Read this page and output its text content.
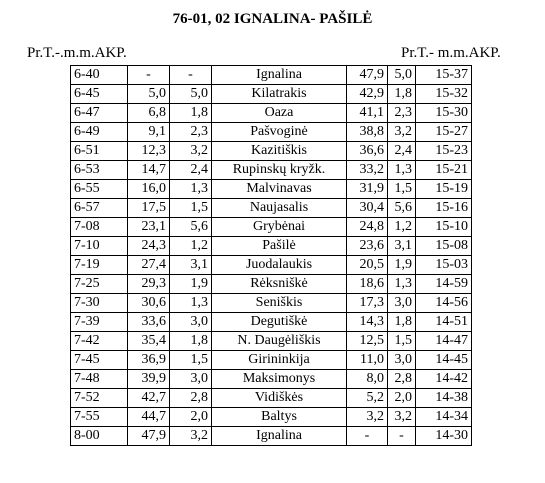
76-01, 02 IGNALINA- PAŠILĖ
Pr.T.-.m.m.AKP.	Pr.T.- m.m.AKP.
6-40	-	-	Ignalina	47,9	5,0	15-37
6-45	5,0	5,0	Kilatrakis	42,9	1,8	15-32
6-47	6,8	1,8	Oaza	41,1	2,3	15-30
6-49	9,1	2,3	Pašvoginė	38,8	3,2	15-27
6-51	12,3	3,2	Kazitiškis	36,6	2,4	15-23
6-53	14,7	2,4	Rupinskų kryžk.	33,2	1,3	15-21
6-55	16,0	1,3	Malvinavas	31,9	1,5	15-19
6-57	17,5	1,5	Naujasalis	30,4	5,6	15-16
7-08	23,1	5,6	Grybėnai	24,8	1,2	15-10
7-10	24,3	1,2	Pašilė	23,6	3,1	15-08
7-19	27,4	3,1	Juodalaukis	20,5	1,9	15-03
7-25	29,3	1,9	Rėksniškė	18,6	1,3	14-59
7-30	30,6	1,3	Seniškis	17,3	3,0	14-56
7-39	33,6	3,0	Degutiškė	14,3	1,8	14-51
7-42	35,4	1,8	N. Daugėliškis	12,5	1,5	14-47
7-45	36,9	1,5	Girininkija	11,0	3,0	14-45
7-48	39,9	3,0	Maksimonys	8,0	2,8	14-42
7-52	42,7	2,8	Vidiškės	5,2	2,0	14-38
7-55	44,7	2,0	Baltys	3,2	3,2	14-34
8-00	47,9	3,2	Ignalina	-	-	14-30
